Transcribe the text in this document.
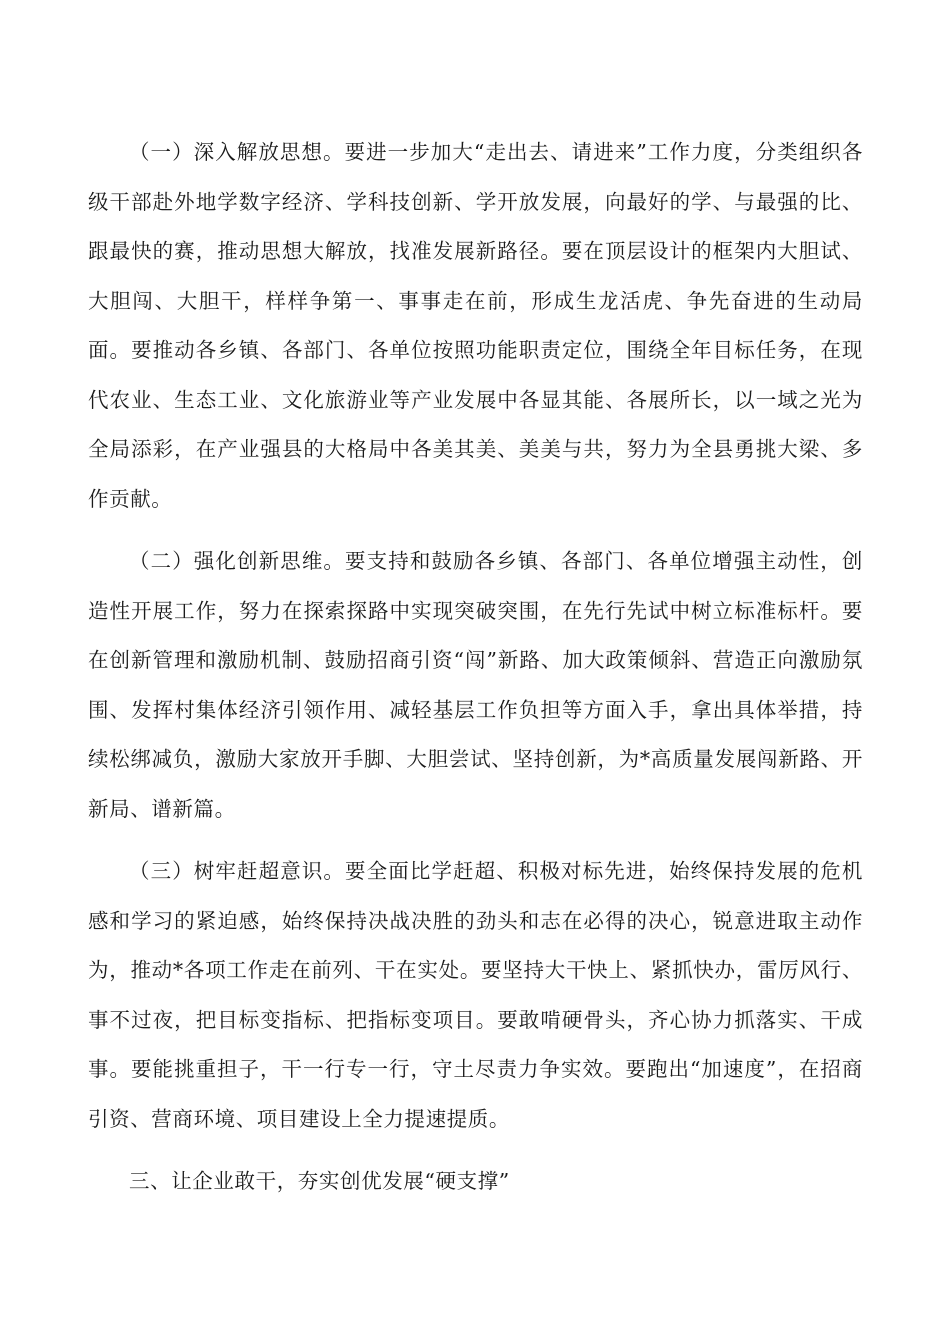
（一）深入解放思想。要进一步加大“走出去、请进来”工作力度，分类组织各级干部赴外地学数字经济、学科技创新、学开放发展，向最好的学、与最强的比、跟最快的赛，推动思想大解放，找准发展新路径。要在顶层设计的框架内大胆试、大胆闯、大胆干，样样争第一、事事走在前，形成生龙活虎、争先奋进的生动局面。要推动各乡镇、各部门、各单位按照功能职责定位，围绕全年目标任务，在现代农业、生态工业、文化旅游业等产业发展中各显其能、各展所长，以一域之光为全局添彩，在产业强县的大格局中各美其美、美美与共，努力为全县勇挑大梁、多作贡献。

（二）强化创新思维。要支持和鼓励各乡镇、各部门、各单位增强主动性，创造性开展工作，努力在探索探路中实现突破突围，在先行先试中树立标准标杆。要在创新管理和激励机制、鼓励招商引资“闯”新路、加大政策倾斜、营造正向激励氛围、发挥村集体经济引领作用、减轻基层工作负担等方面入手，拿出具体举措，持续松绑减负，激励大家放开手脚、大胆尝试、坚持创新，为*高质量发展闯新路、开新局、谱新篇。

（三）树牢赶超意识。要全面比学赶超、积极对标先进，始终保持发展的危机感和学习的紧迫感，始终保持决战决胜的劲头和志在必得的决心，锐意进取主动作为，推动*各项工作走在前列、干在实处。要坚持大干快上、紧抓快办，雷厉风行、事不过夜，把目标变指标、把指标变项目。要敢啃硬骨头，齐心协力抓落实、干成事。要能挑重担子，干一行专一行，守土尽责力争实效。要跑出“加速度”，在招商引资、营商环境、项目建设上全力提速提质。

三、让企业敢干，夯实创优发展“硬支撑”
